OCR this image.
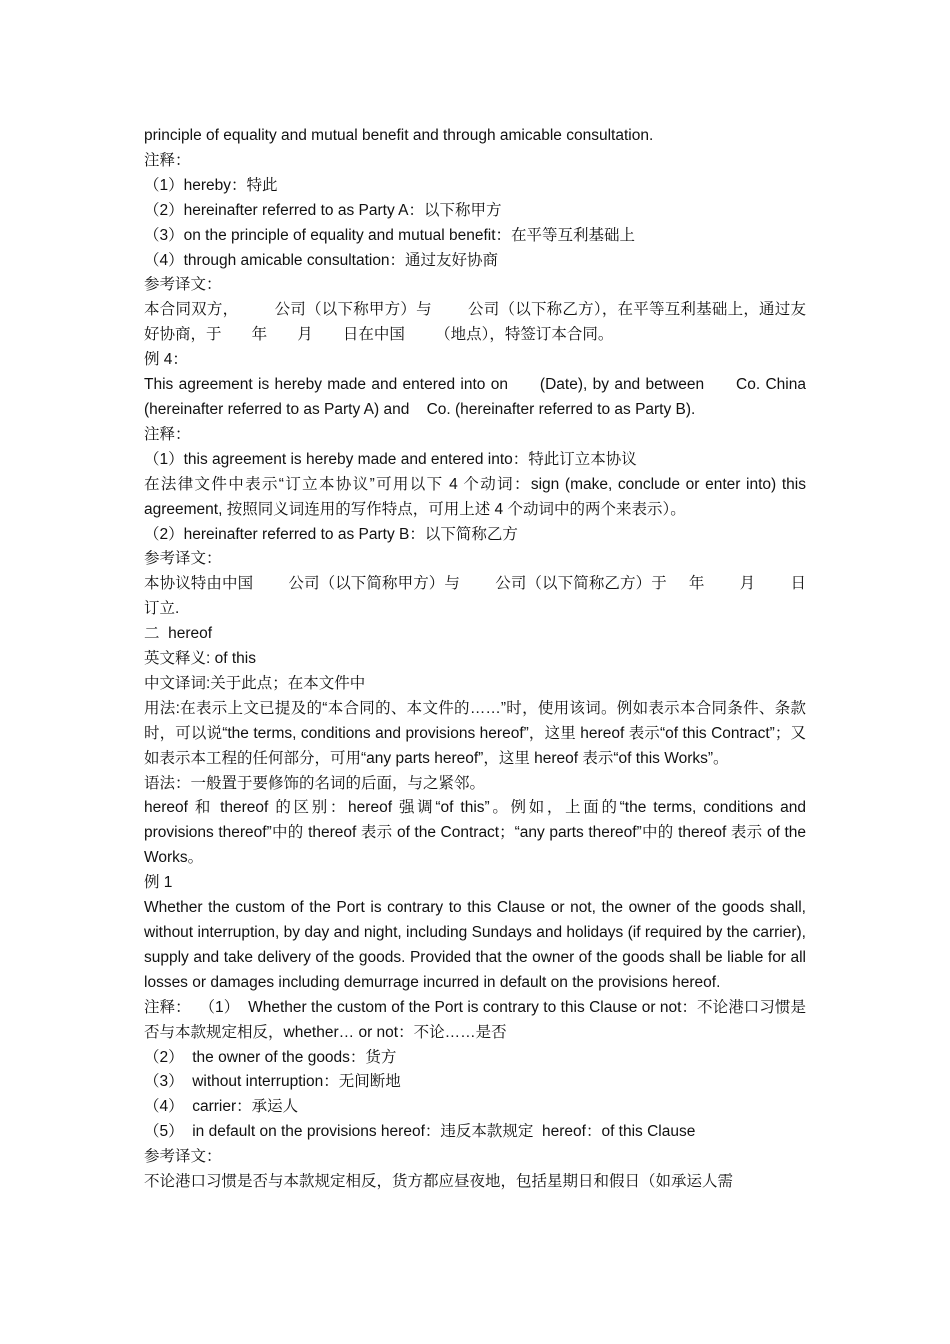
principle of equality and mutual benefit and through amicable consultation.

注释：

（1）hereby：特此

（2）hereinafter referred to as Party A：以下称甲方

（3）on the principle of equality and mutual benefit：在平等互利基础上

（4）through amicable consultation：通过友好协商

参考译文：

本合同双方，        公司（以下称甲方）与        公司（以下称乙方），在平等互利基础上，通过友好协商，于       年       月       日在中国       （地点），特签订本合同。

例 4：

This agreement is hereby made and entered into on      (Date), by and between      Co. China (hereinafter referred to as Party A) and    Co. (hereinafter referred to as Party B).

注释：

（1）this agreement is hereby made and entered into：特此订立本协议

在法律文件中表示“订立本协议”可用以下 4 个动词：sign (make, conclude or enter into) this agreement, 按照同义词连用的写作特点，可用上述 4 个动词中的两个来表示）。

（2）hereinafter referred to as Party B：以下简称乙方

参考译文：

本协议特由中国        公司（以下简称甲方）与        公司（以下简称乙方）于     年        月        日订立.

二  hereof

英文释义: of this

中文译词:关于此点；在本文件中

用法:在表示上文已提及的“本合同的、本文件的……”时，使用该词。例如表示本合同条件、条款时，可以说“the terms, conditions and provisions hereof”，这里 hereof 表示“of this Contract”；又如表示本工程的任何部分，可用“any parts hereof”，这里 hereof 表示“of this Works”。

语法：一般置于要修饰的名词的后面，与之紧邻。

hereof 和 thereof 的区别：hereof 强调“of this”。例如，上面的“the terms, conditions and provisions thereof”中的 thereof 表示 of the Contract；“any parts thereof”中的 thereof 表示 of the Works。

例 1

Whether the custom of the Port is contrary to this Clause or not, the owner of the goods shall, without interruption, by day and night, including Sundays and holidays (if required by the carrier), supply and take delivery of the goods. Provided that the owner of the goods shall be liable for all losses or damages including demurrage incurred in default on the provisions hereof.

注释：  （1）  Whether the custom of the Port is contrary to this Clause or not：不论港口习惯是否与本款规定相反，whether… or not：不论……是否

（2）  the owner of the goods：货方

（3）  without interruption：无间断地

（4）  carrier：承运人

（5）  in default on the provisions hereof：违反本款规定  hereof：of this Clause

参考译文：

不论港口习惯是否与本款规定相反，货方都应昼夜地，包括星期日和假日（如承运人需
